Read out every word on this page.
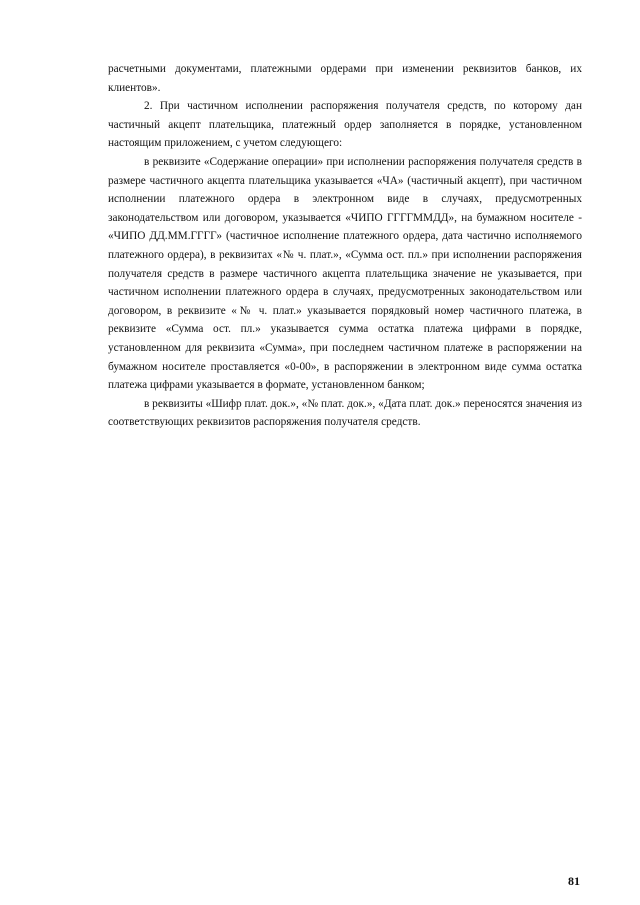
расчетными документами, платежными ордерами при изменении реквизитов банков, их клиентов».

2. При частичном исполнении распоряжения получателя средств, по которому дан частичный акцепт плательщика, платежный ордер заполняется в порядке, установленном настоящим приложением, с учетом следующего:

в реквизите «Содержание операции» при исполнении распоряжения получателя средств в размере частичного акцепта плательщика указывается «ЧА» (частичный акцепт), при частичном исполнении платежного ордера в электронном виде в случаях, предусмотренных законодательством или договором, указывается «ЧИПО ГГГГММДД», на бумажном носителе - «ЧИПО ДД.ММ.ГГГГ» (частичное исполнение платежного ордера, дата частично исполняемого платежного ордера), в реквизитах «№ ч. плат.», «Сумма ост. пл.» при исполнении распоряжения получателя средств в размере частичного акцепта плательщика значение не указывается, при частичном исполнении платежного ордера в случаях, предусмотренных законодательством или договором, в реквизите «№ ч. плат.» указывается порядковый номер частичного платежа, в реквизите «Сумма ост. пл.» указывается сумма остатка платежа цифрами в порядке, установленном для реквизита «Сумма», при последнем частичном платеже в распоряжении на бумажном носителе проставляется «0-00», в распоряжении в электронном виде сумма остатка платежа цифрами указывается в формате, установленном банком;

в реквизиты «Шифр плат. док.», «№ плат. док.», «Дата плат. док.» переносятся значения из соответствующих реквизитов распоряжения получателя средств.

81
